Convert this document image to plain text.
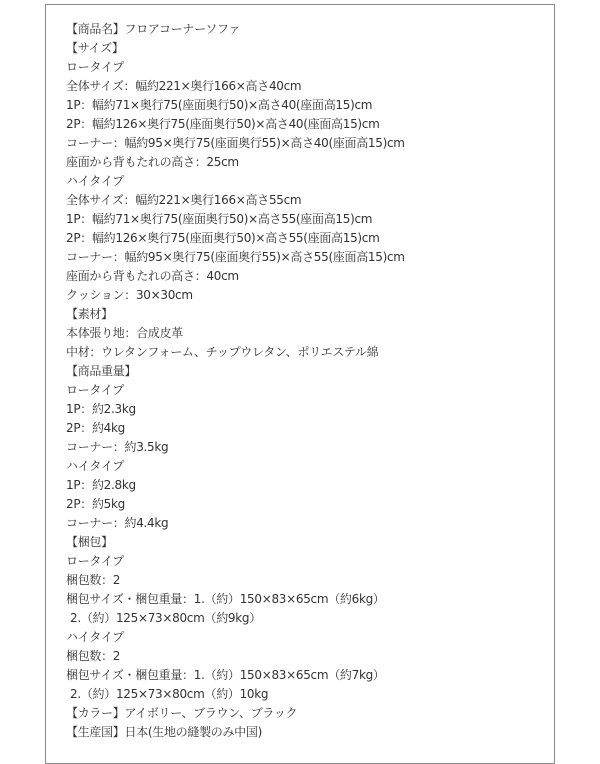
【商品名】フロアコーナーソファ
【サイズ】
ロータイプ
全体サイズ：幅約221×奥行166×高さ40cm
1P：幅約71×奥行75(座面奥行50)×高さ40(座面高15)cm
2P：幅約126×奥行75(座面奥行50)×高さ40(座面高15)cm
コーナー：幅約95×奥行75(座面奥行55)×高さ40(座面高15)cm
座面から背もたれの高さ：25cm
ハイタイプ
全体サイズ：幅約221×奥行166×高さ55cm
1P：幅約71×奥行75(座面奥行50)×高さ55(座面高15)cm
2P：幅約126×奥行75(座面奥行50)×高さ55(座面高15)cm
コーナー：幅約95×奥行75(座面奥行55)×高さ55(座面高15)cm
座面から背もたれの高さ：40cm
クッション：30×30cm
【素材】
本体張り地：合成皮革
中材：ウレタンフォーム、チップウレタン、ポリエステル綿
【商品重量】
ロータイプ
1P：約2.3kg
2P：約4kg
コーナー：約3.5kg
ハイタイプ
1P：約2.8kg
2P：約5kg
コーナー：約4.4kg
【梱包】
ロータイプ
梱包数：2
梱包サイズ・梱包重量：1.（約）150×83×65cm（約6kg）
2.（約）125×73×80cm（約9kg）
ハイタイプ
梱包数：2
梱包サイズ・梱包重量：1.（約）150×83×65cm（約7kg）
2.（約）125×73×80cm（約）10kg
【カラー】アイボリー、ブラウン、ブラック
【生産国】日本(生地の縫製のみ中国)
